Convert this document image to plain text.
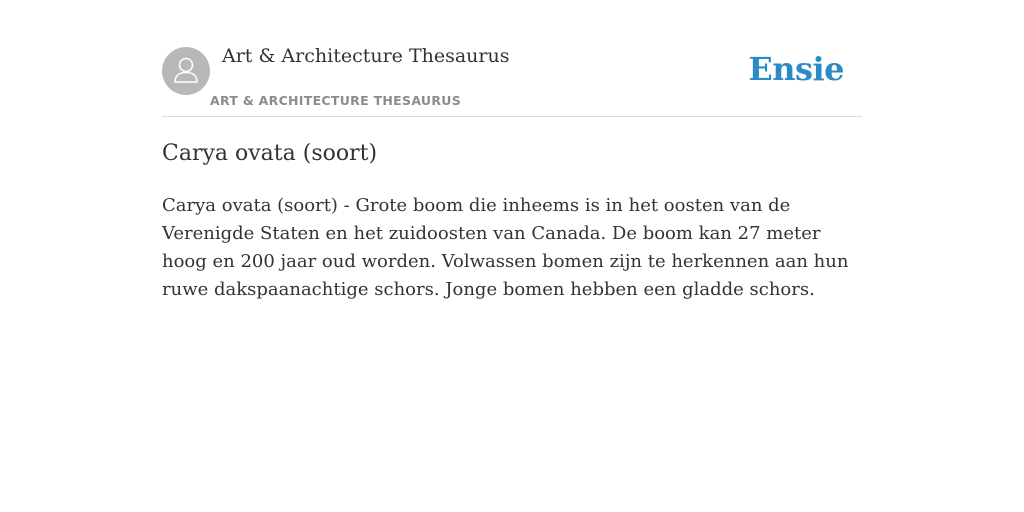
Art & Architecture Thesaurus
ART & ARCHITECTURE THESAURUS
Ensie
Carya ovata (soort)

Carya ovata (soort) - Grote boom die inheems is in het oosten van de Verenigde Staten en het zuidoosten van Canada. De boom kan 27 meter hoog en 200 jaar oud worden. Volwassen bomen zijn te herkennen aan hun ruwe dakspaanachtige schors. Jonge bomen hebben een gladde schors.
